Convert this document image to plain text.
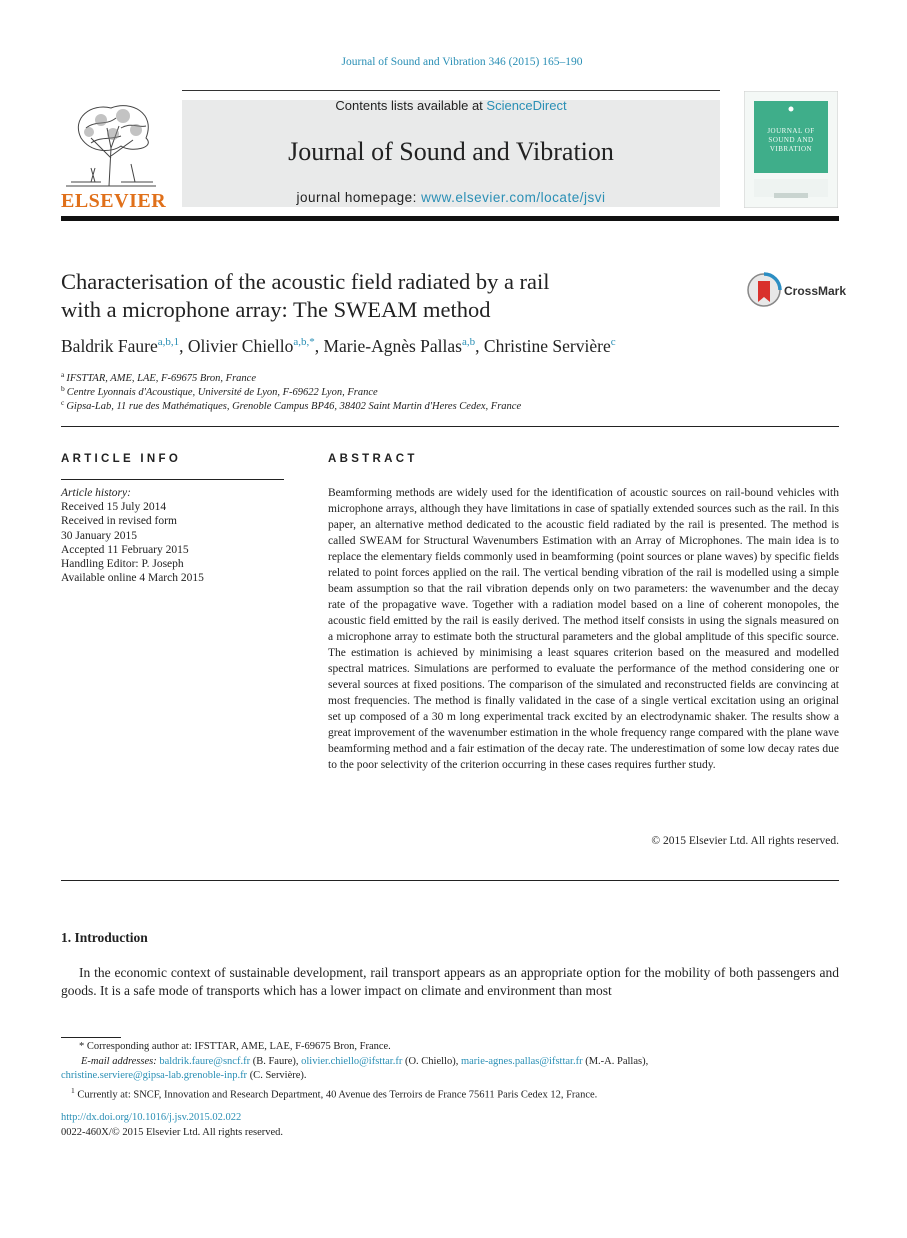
Journal of Sound and Vibration 346 (2015) 165–190
ELSEVIER
Contents lists available at ScienceDirect
Journal of Sound and Vibration
journal homepage: www.elsevier.com/locate/jsvi
JOURNAL OF SOUND AND VIBRATION
Characterisation of the acoustic field radiated by a rail
with a microphone array: The SWEAM method
CrossMark
Baldrik Faure$^{a,b,1}$, Olivier Chiello$^{a,b,*}$, Marie-Agnès Pallas$^{a,b}$, Christine Servière$^c$
$^a$ IFSTTAR, AME, LAE, F-69675 Bron, France
$^b$ Centre Lyonnais d'Acoustique, Université de Lyon, F-69622 Lyon, France
$^c$ Gipsa-Lab, 11 rue des Mathématiques, Grenoble Campus BP46, 38402 Saint Martin d'Heres Cedex, France
ARTICLE INFO
Article history:
Received 15 July 2014
Received in revised form
30 January 2015
Accepted 11 February 2015
Handling Editor: P. Joseph
Available online 4 March 2015
ABSTRACT
Beamforming methods are widely used for the identification of acoustic sources on rail-bound vehicles with microphone arrays, although they have limitations in case of spatially extended sources such as the rail. In this paper, an alternative method dedicated to the acoustic field radiated by the rail is presented. The method is called SWEAM for Structural Wavenumbers Estimation with an Array of Microphones. The main idea is to replace the elementary fields commonly used in beamforming (point sources or plane waves) by specific fields related to point forces applied on the rail. The vertical bending vibration of the rail is modelled using a simple beam assumption so that the rail vibration depends only on two parameters: the wavenumber and the decay rate of the propagative wave. Together with a radiation model based on a line of coherent monopoles, the acoustic field emitted by the rail is easily derived. The method itself consists in using the signals measured on a microphone array to estimate both the structural parameters and the global amplitude of this specific source. The estimation is achieved by minimising a least squares criterion based on the measured and modelled spectral matrices. Simulations are performed to evaluate the performance of the method considering one or several sources at fixed positions. The comparison of the simulated and reconstructed fields are convincing at most frequencies. The method is finally validated in the case of a single vertical excitation using an original set up composed of a 30 m long experimental track excited by an electrodynamic shaker. The results show a great improvement of the wavenumber estimation in the whole frequency range compared with the plane wave beamforming method and a fair estimation of the decay rate. The underestimation of some low decay rates due to the poor selectivity of the criterion occurring in these cases requires further study.
© 2015 Elsevier Ltd. All rights reserved.
1. Introduction
In the economic context of sustainable development, rail transport appears as an appropriate option for the mobility of both passengers and goods. It is a safe mode of transports which has a lower impact on climate and environment than most
* Corresponding author at: IFSTTAR, AME, LAE, F-69675 Bron, France.
E-mail addresses: baldrik.faure@sncf.fr (B. Faure), olivier.chiello@ifsttar.fr (O. Chiello), marie-agnes.pallas@ifsttar.fr (M.-A. Pallas),
christine.serviere@gipsa-lab.grenoble-inp.fr (C. Servière).
$^1$ Currently at: SNCF, Innovation and Research Department, 40 Avenue des Terroirs de France 75611 Paris Cedex 12, France.
http://dx.doi.org/10.1016/j.jsv.2015.02.022
0022-460X/© 2015 Elsevier Ltd. All rights reserved.
